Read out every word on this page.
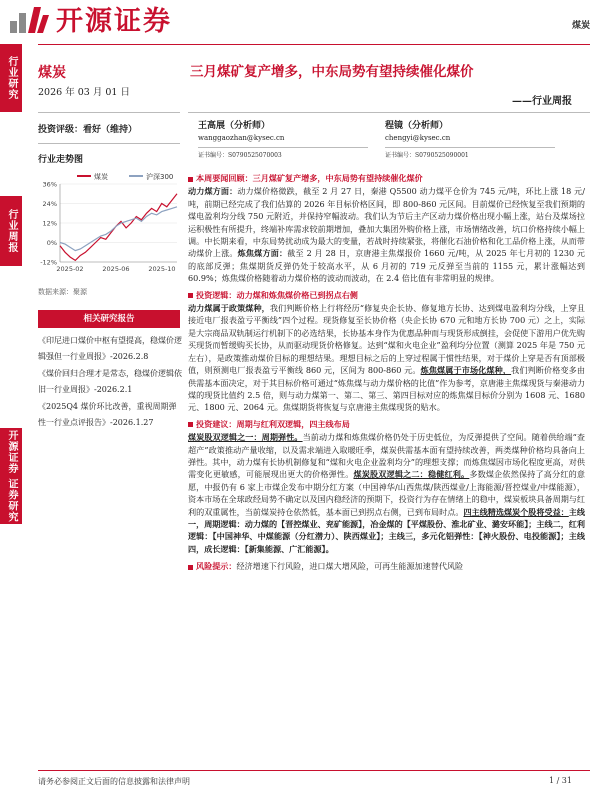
开源证券	煤炭
行业研究
行业周报
开源证券 证券研究
煤炭
2026 年 03 月 01 日
投资评级：看好（维持）
行业走势图
煤炭	沪深300
-12%
0%
12%
24%
36%
2025-02	2025-06	2025-10
数据来源：聚源
相关研究报告

《印尼进口煤价中枢有望提高，稳煤价逻辑强但一行业周报》-2026.2.8

《煤价回归合理才是常态，稳煤价逻辑依旧一行业周报》-2026.2.1

《2025Q4 煤价环比改善，重视周期弹性一行业点评报告》-2026.1.27

三月煤矿复产增多，中东局势有望持续催化煤价
——行业周报
王高展（分析师）
wanggaozhan@kysec.cn
证书编号：S0790525070003
程镜（分析师）
chengyi@kysec.cn
证书编号：S0790525090001
本周要闻回顾：三月煤矿复产增多，中东局势有望持续催化煤价

动力煤方面：动力煤价格微跌，截至 2 月 27 日，秦港 Q5500 动力煤平仓价为 745 元/吨，环比上涨 18 元/吨，前期已经完成了我们估算的 2026 年目标价格区间，即 800-860 元区间。目前煤价已经恢复至我们预期的煤电盈利均分线 750 元附近，并保持窄幅波动。我们认为节后主产区动力煤价格出现小幅上涨，站台及煤场拉运积极性有所提升，终端补库需求较前期增加，叠加大集团外购价格上涨，市场情绪改善，坑口价格持续小幅上调。中长期来看，中东局势扰动成为最大的变量，若战时持续紧张，将催化石油价格和化工品价格上涨，从而带动煤价上涨。炼焦煤方面：截至 2 月 28 日，京唐港主焦煤报价 1660 元/吨，从 2025 年七月初的 1230 元的底部反弹；焦煤期货反弹仍处于较高水平，从 6 月初的 719 元反弹至当前的 1155 元，累计涨幅达到 60.9%；炼焦煤价格随着动力煤价格的波动而波动，在 2.4 倍比值有非常明显的规律。

投资逻辑：动力煤和炼焦煤价格已到拐点右侧

动力煤属于政策煤种，我们判断价格上行将经历“修复央企长协、修复地方长协、达到煤电盈利均分线，上穿且接近电厂报表盈亏平衡线”四个过程。现货修复至长协价格（央企长协 670 元和地方长协 700 元）之上，实际是大宗商品双轨制运行机制下的必选结果，长协基本身作为优惠品种而与现货形成倒挂，会促使下游用户优先购买现货而暂缓购买长协，从而驱动现货价格修复。达到“煤和火电企业”盈利均分位置（测算 2025 年是 750 元左右），是政策推动煤价目标的理想结果。理想目标之后的上穿过程属于惯性结果，对于煤价上穿是否有顶部极值，则预测电厂报表盈亏平衡线 860 元，区间为 800-860 元。炼焦煤属于市场化煤种，我们判断价格变多由供需基本面决定，对于其目标价格可通过“炼焦煤与动力煤价格的比值”作为参考，京唐港主焦煤现货与秦港动力煤的现货比值约 2.5 倍，则与动力煤第一、第二、第三、第四目标对应的炼焦煤目标价分别为 1608 元、1680 元、1800 元、2064 元。焦煤期货将恢复与京唐港主焦煤现货的贴水。

投资建议：周期与红利双逻辑，四主线布局

煤炭股双逻辑之一：周期弹性。当前动力煤和炼焦煤价格仍处于历史低位，为反弹提供了空间。随着供给端“查超产”政策推动产量收缩，以及需求端进入取暖旺季，煤炭供需基本面有望持续改善，两类煤种价格均具备向上弹性。其中，动力煤有长协机制修复和“煤和火电企业盈利均分”的理想支撑；而炼焦煤因市场化程度更高，对供需变化更敏感，可能展现出更大的价格弹性。煤炭股双逻辑之二：稳健红利。多数煤企依然保持了高分红的意愿，中报仍有 6 家上市煤企发布中期分红方案（中国神华/山西焦煤/陕西煤业/上海能源/晋控煤业/中煤能源），资本市场在全球政经局势不确定以及国内稳经济的预期下，投资行为存在情绪上的稳中，煤炭板块具备周期与红利的双重属性，当前煤炭持仓依然低，基本面已到拐点右侧，已到布局时点。四主线精选煤炭个股将受益：主线一，周期逻辑：动力煤的【晋控煤业、兖矿能源】，冶金煤的【平煤股份、淮北矿业、潞安环能】；主线二，红利逻辑：【中国神华、中煤能源（分红潜力）、陕西煤业】；主线三，多元化铝弹性：【神火股份、电投能源】；主线四，成长逻辑：【新集能源、广汇能源】。

风险提示：经济增速下行风险，进口煤大增风险，可再生能源加速替代风险

请务必参阅正文后面的信息披露和法律声明	1 / 31
